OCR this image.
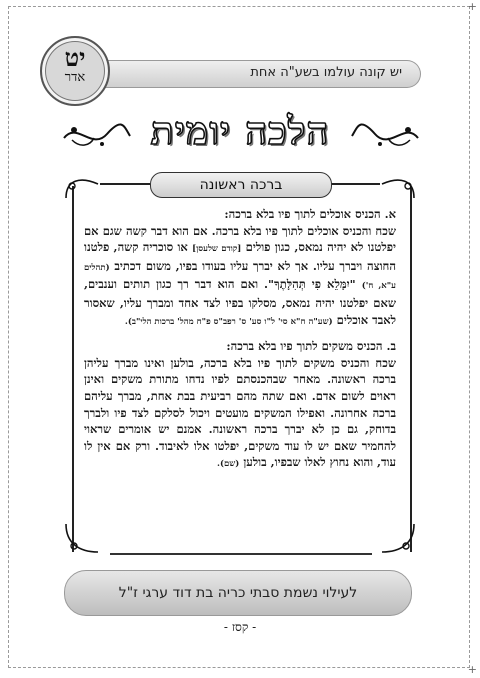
+
+
יש קונה עולמו בשע"ה אחת
יט
אדר
הלכה יומית
ברכה ראשונה

א. הכניס אוכלים לתוך פיו בלא ברכה:
שכח והכניס אוכלים לתוך פיו בלא ברכה. אם הוא דבר קשה שגם אם יפלטנו לא יהיה נמאס, כגון פולים [קודם שלעסן] או סוכריה קשה, פלטנו החוצה ויברך עליו. אך לא יברך עליו בעודו בפיו, משום דכתיב (תהלים ע"א, ח') "יִמָּלֵא פִי תְּהִלָּתֶךָ". ואם הוא דבר רך כגון תותים וענבים, שאם יפלטנו יהיה נמאס, מסלקו בפיו לצד אחד ומברך עליו, שאסור לאבד אוכלים (שע"ה ח"א סי' ל"ו סע' ס' רפב"ס פ"ח מהל' ברכות הלי"ב).

ב. הכניס משקים לתוך פיו בלא ברכה:
שכח והכניס משקים לתוך פיו בלא ברכה, בולען ואינו מברך עליהן ברכה ראשונה. מאחר שבהכנסתם לפיו נדחו מתורת משקים ואינן ראוים לשום אדם. ואם שתה מהם רביעית בבת אחת, מברך עליהם ברכה אחרונה. ואפילו המשקים מועטים ויכול לסלקם לצד פיו ולברך בדוחק, גם כן לא יברך ברכה ראשונה. אמנם יש אומרים שראוי להחמיר שאם יש לו עוד משקים, יפלטו אלו לאיבוד. ורק אם אין לו עוד, והוא נחוץ לאלו שבפיו, בולען (שם).

לעילוי נשמת סבתי כריה בת דוד ערגי ז"ל
- קסז -
